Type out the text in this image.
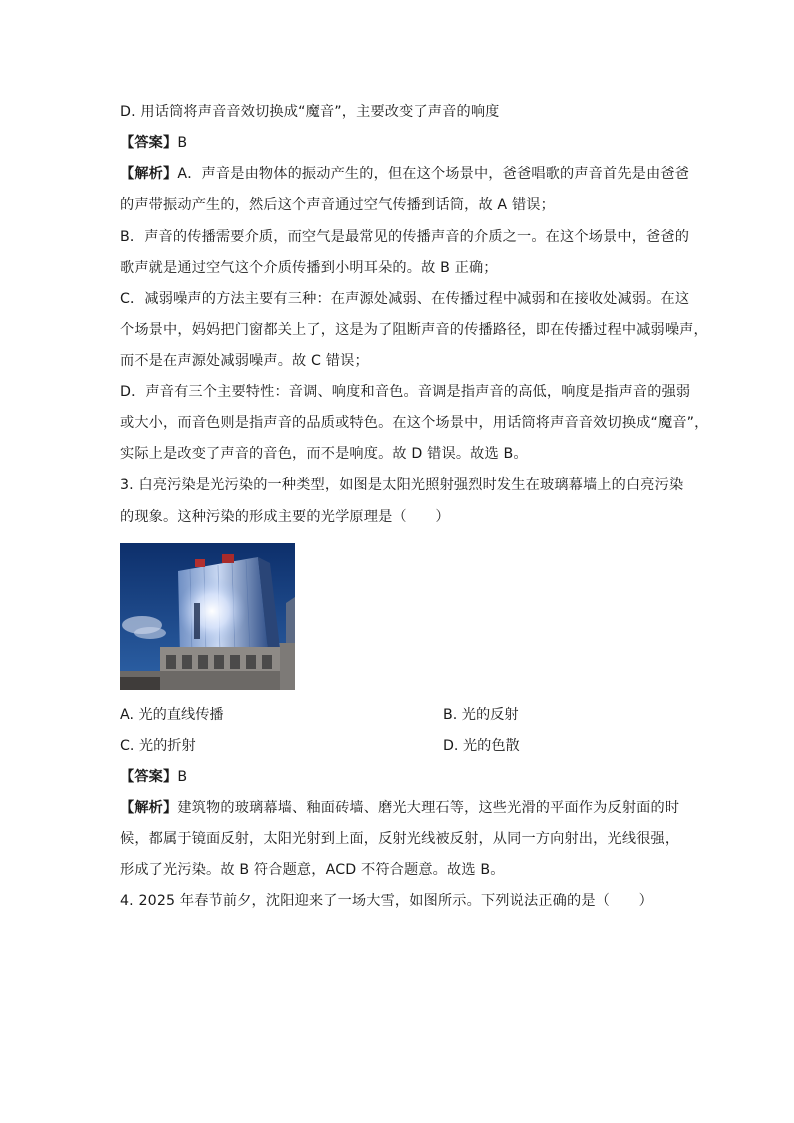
D. 用话筒将声音音效切换成“魔音”，主要改变了声音的响度
【答案】B
【解析】A．声音是由物体的振动产生的，但在这个场景中，爸爸唱歌的声音首先是由爸爸
的声带振动产生的，然后这个声音通过空气传播到话筒，故 A 错误；
B．声音的传播需要介质，而空气是最常见的传播声音的介质之一。在这个场景中，爸爸的
歌声就是通过空气这个介质传播到小明耳朵的。故 B 正确；
C．减弱噪声的方法主要有三种：在声源处减弱、在传播过程中减弱和在接收处减弱。在这
个场景中，妈妈把门窗都关上了，这是为了阻断声音的传播路径，即在传播过程中减弱噪声，
而不是在声源处减弱噪声。故 C 错误；
D．声音有三个主要特性：音调、响度和音色。音调是指声音的高低，响度是指声音的强弱
或大小，而音色则是指声音的品质或特色。在这个场景中，用话筒将声音音效切换成“魔音”，
实际上是改变了声音的音色，而不是响度。故 D 错误。故选 B。
3. 白亮污染是光污染的一种类型，如图是太阳光照射强烈时发生在玻璃幕墙上的白亮污染
的现象。这种污染的形成主要的光学原理是（　　）
A. 光的直线传播	B. 光的反射
C. 光的折射	D. 光的色散
【答案】B
【解析】建筑物的玻璃幕墙、釉面砖墙、磨光大理石等，这些光滑的平面作为反射面的时
候，都属于镜面反射，太阳光射到上面，反射光线被反射，从同一方向射出，光线很强，
形成了光污染。故 B 符合题意，ACD 不符合题意。故选 B。
4. 2025 年春节前夕，沈阳迎来了一场大雪，如图所示。下列说法正确的是（　　）
